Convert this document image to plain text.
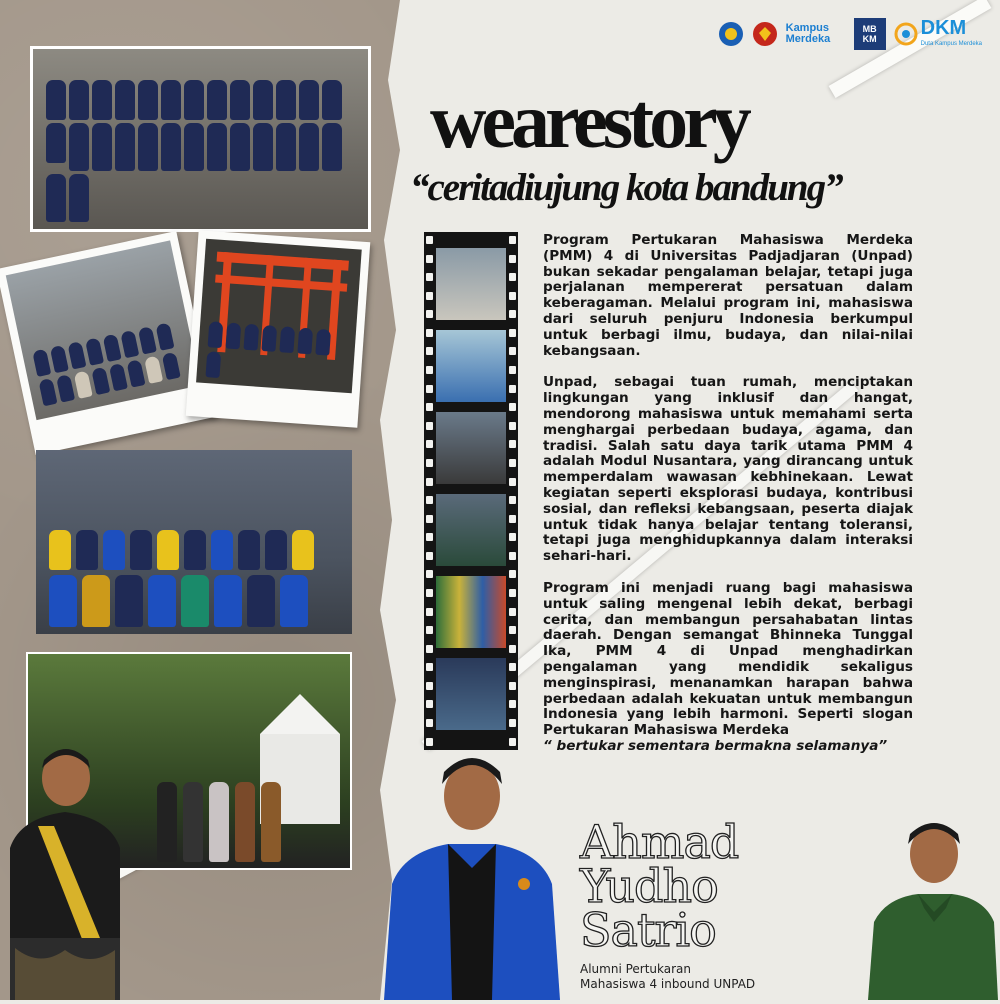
Kampus Merdeka
MB KM	DKM
Duta Kampus Merdeka
wearestory
“ceritadiujung kota bandung”

Program Pertukaran Mahasiswa Merdeka (PMM) 4 di Universitas Padjadjaran (Unpad) bukan sekadar pengalaman belajar, tetapi juga perjalanan mempererat persatuan dalam keberagaman. Melalui program ini, mahasiswa dari seluruh penjuru Indonesia berkumpul untuk berbagi ilmu, budaya, dan nilai-nilai kebangsaan.

Unpad, sebagai tuan rumah, menciptakan lingkungan yang inklusif dan hangat, mendorong mahasiswa untuk memahami serta menghargai perbedaan budaya, agama, dan tradisi. Salah satu daya tarik utama PMM 4 adalah Modul Nusantara, yang dirancang untuk memperdalam wawasan kebhinekaan. Lewat kegiatan seperti eksplorasi budaya, kontribusi sosial, dan refleksi kebangsaan, peserta diajak untuk tidak hanya belajar tentang toleransi, tetapi juga menghidupkannya dalam interaksi sehari-hari.

Program ini menjadi ruang bagi mahasiswa untuk saling mengenal lebih dekat, berbagi cerita, dan membangun persahabatan lintas daerah. Dengan semangat Bhinneka Tunggal Ika, PMM 4 di Unpad menghadirkan pengalaman yang mendidik sekaligus menginspirasi, menanamkan harapan bahwa perbedaan adalah kekuatan untuk membangun Indonesia yang lebih harmoni. Seperti slogan Pertukaran Mahasiswa Merdeka

“ bertukar sementara bermakna selamanya”

Ahmad
Yudho
Satrio
Alumni Pertukaran
Mahasiswa 4 inbound UNPAD
